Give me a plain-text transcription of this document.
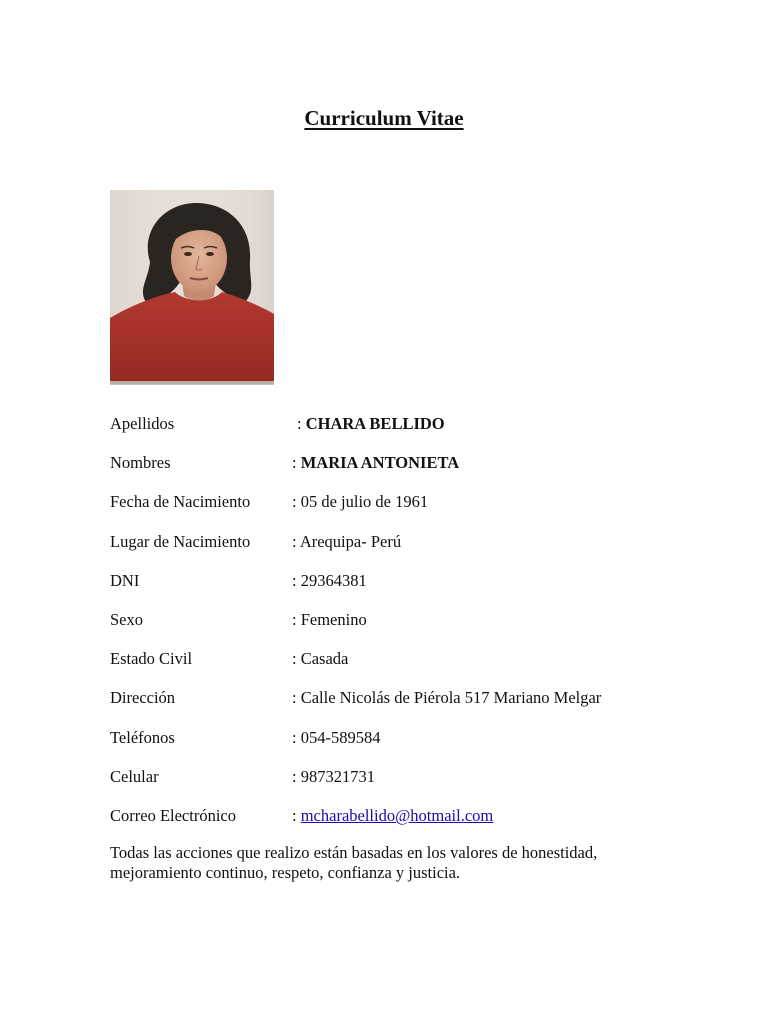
Curriculum Vitae
Apellidos	: CHARA BELLIDO
Nombres	: MARIA ANTONIETA
Fecha de Nacimiento	: 05 de julio de 1961
Lugar de Nacimiento	: Arequipa- Perú
DNI	: 29364381
Sexo	: Femenino
Estado Civil	: Casada
Dirección	: Calle Nicolás de Piérola 517 Mariano Melgar
Teléfonos	: 054-589584
Celular	: 987321731
Correo Electrónico	: mcharabellido@hotmail.com

Todas las acciones que realizo están basadas en los valores de honestidad, mejoramiento continuo, respeto, confianza y justicia.
